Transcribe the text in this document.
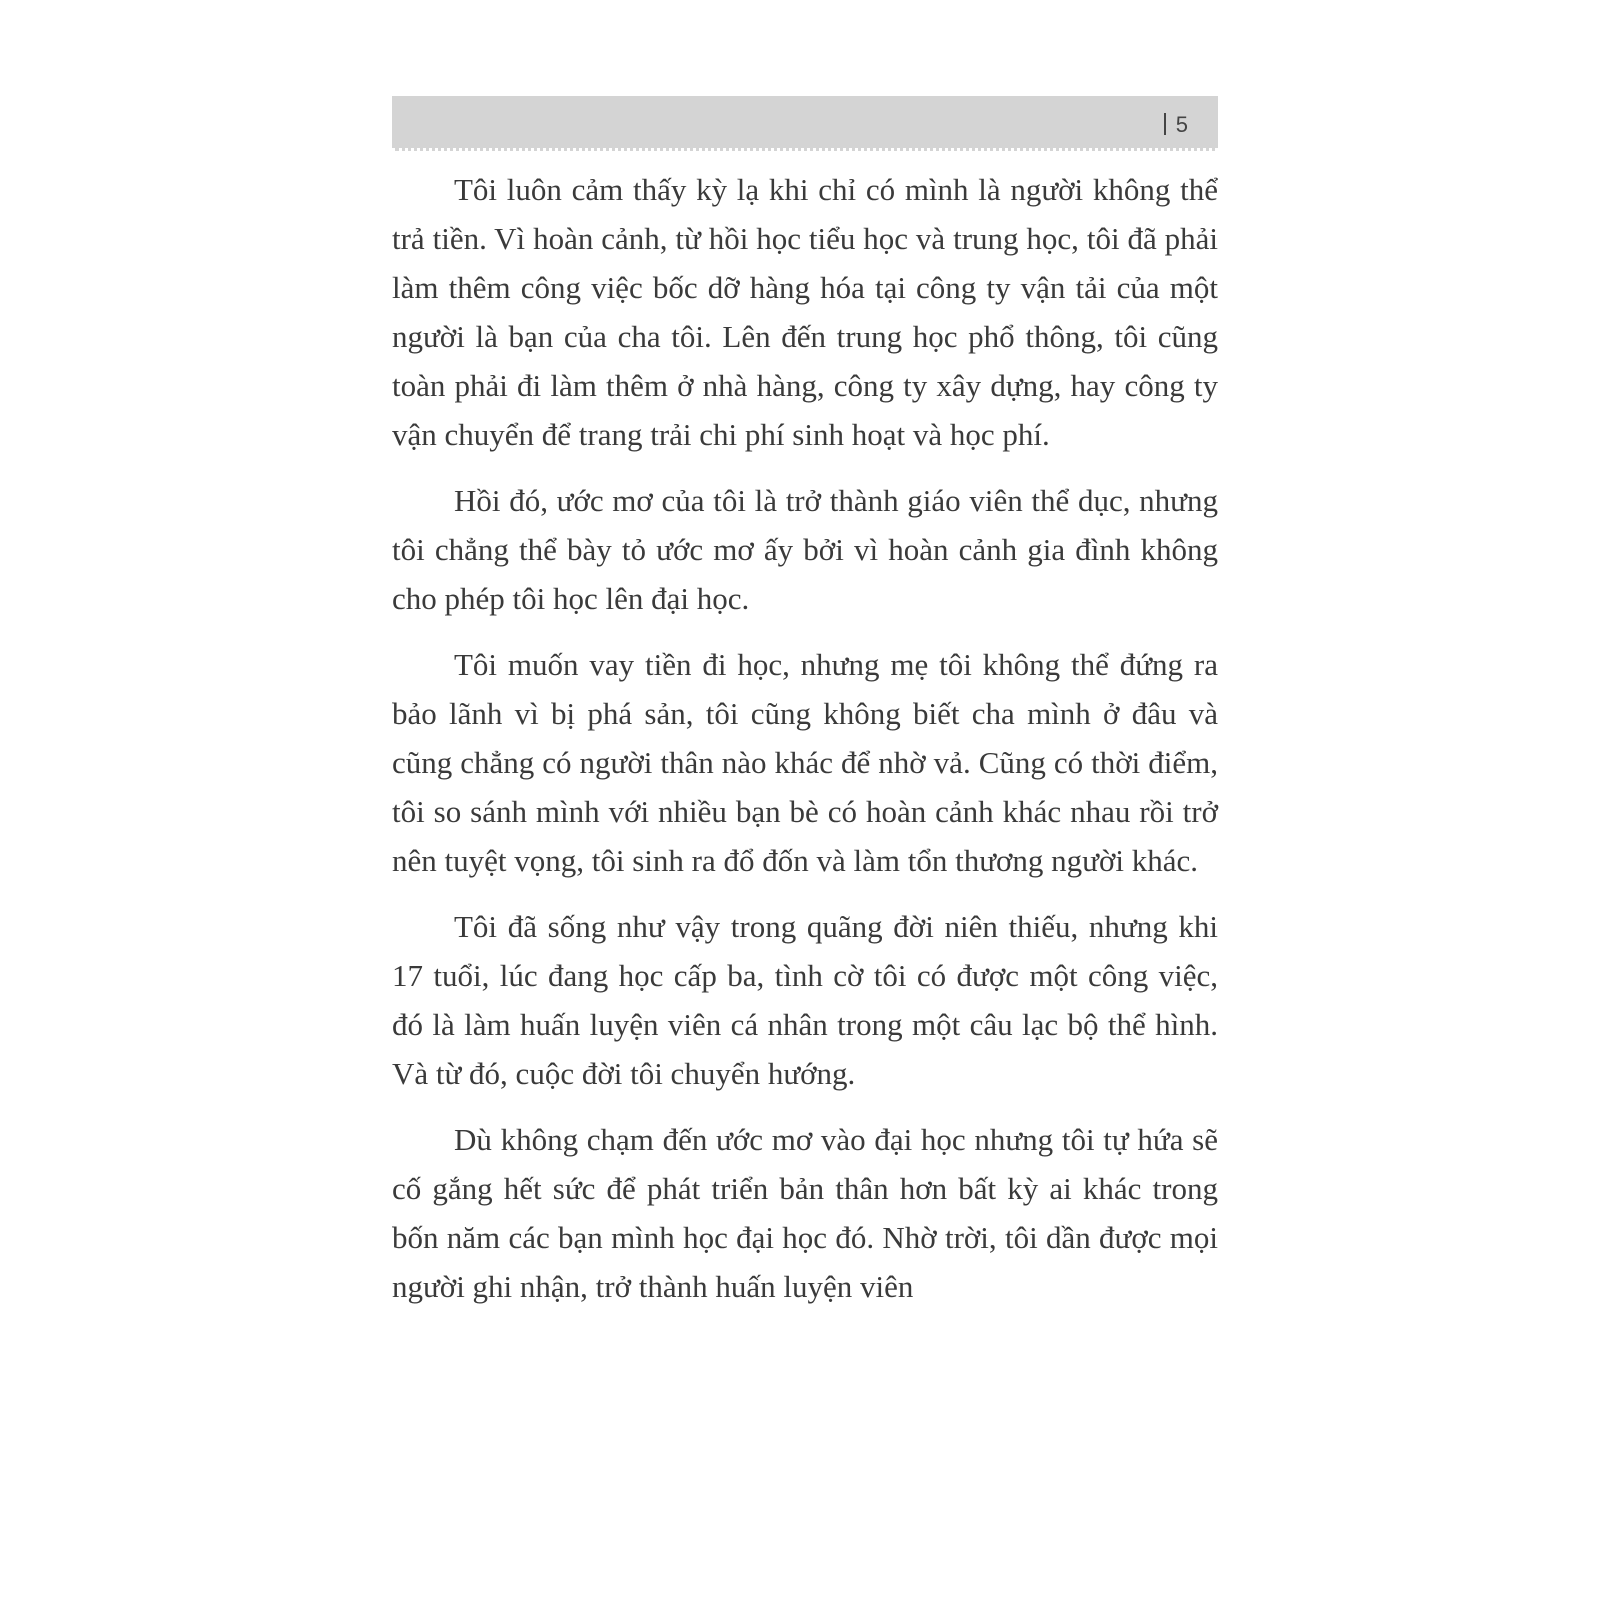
5

Tôi luôn cảm thấy kỳ lạ khi chỉ có mình là người không thể trả tiền. Vì hoàn cảnh, từ hồi học tiểu học và trung học, tôi đã phải làm thêm công việc bốc dỡ hàng hóa tại công ty vận tải của một người là bạn của cha tôi. Lên đến trung học phổ thông, tôi cũng toàn phải đi làm thêm ở nhà hàng, công ty xây dựng, hay công ty vận chuyển để trang trải chi phí sinh hoạt và học phí.

Hồi đó, ước mơ của tôi là trở thành giáo viên thể dục, nhưng tôi chẳng thể bày tỏ ước mơ ấy bởi vì hoàn cảnh gia đình không cho phép tôi học lên đại học.

Tôi muốn vay tiền đi học, nhưng mẹ tôi không thể đứng ra bảo lãnh vì bị phá sản, tôi cũng không biết cha mình ở đâu và cũng chẳng có người thân nào khác để nhờ vả. Cũng có thời điểm, tôi so sánh mình với nhiều bạn bè có hoàn cảnh khác nhau rồi trở nên tuyệt vọng, tôi sinh ra đổ đốn và làm tổn thương người khác.

Tôi đã sống như vậy trong quãng đời niên thiếu, nhưng khi 17 tuổi, lúc đang học cấp ba, tình cờ tôi có được một công việc, đó là làm huấn luyện viên cá nhân trong một câu lạc bộ thể hình. Và từ đó, cuộc đời tôi chuyển hướng.

Dù không chạm đến ước mơ vào đại học nhưng tôi tự hứa sẽ cố gắng hết sức để phát triển bản thân hơn bất kỳ ai khác trong bốn năm các bạn mình học đại học đó. Nhờ trời, tôi dần được mọi người ghi nhận, trở thành huấn luyện viên
